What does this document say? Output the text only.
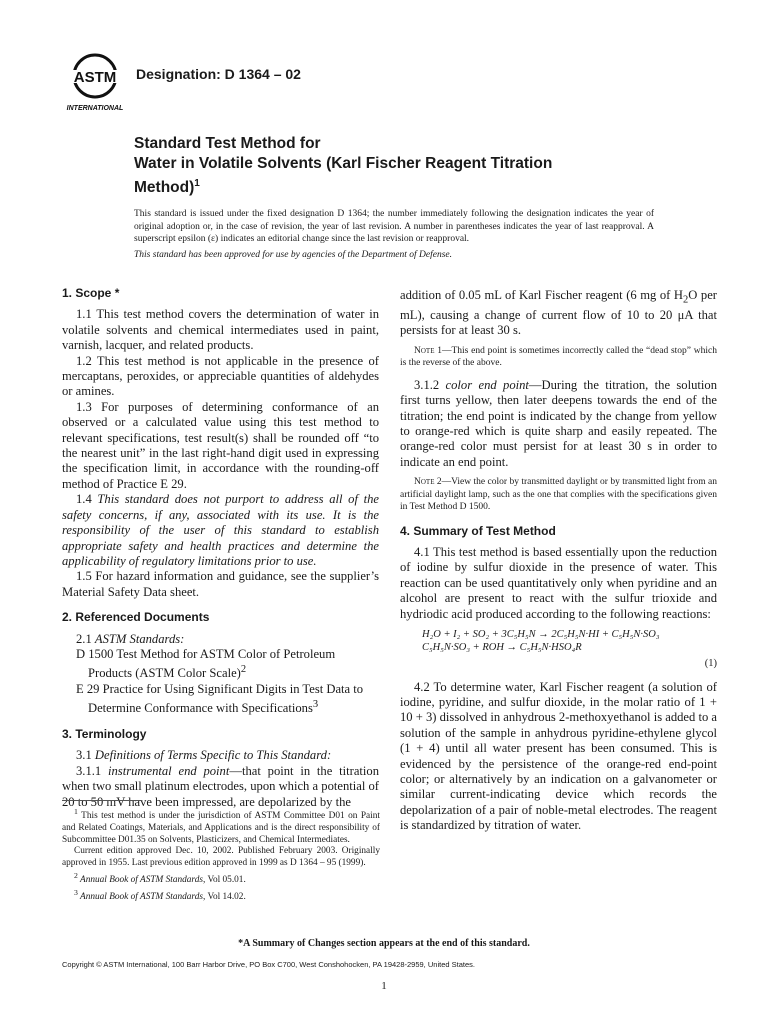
ASTM
INTERNATIONAL
Designation: D 1364 – 02
Standard Test Method for
Water in Volatile Solvents (Karl Fischer Reagent Titration
Method)$^1$
This standard is issued under the fixed designation D 1364; the number immediately following the designation indicates the year of original adoption or, in the case of revision, the year of last revision. A number in parentheses indicates the year of last reapproval. A superscript epsilon (ε) indicates an editorial change since the last revision or reapproval.
This standard has been approved for use by agencies of the Department of Defense.
1. Scope *

1.1 This test method covers the determination of water in volatile solvents and chemical intermediates used in paint, varnish, lacquer, and related products.

1.2 This test method is not applicable in the presence of mercaptans, peroxides, or appreciable quantities of aldehydes or amines.

1.3 For purposes of determining conformance of an observed or a calculated value using this test method to relevant specifications, test result(s) shall be rounded off “to the nearest unit” in the last right-hand digit used in expressing the specification limit, in accordance with the rounding-off method of Practice E 29.

1.4 This standard does not purport to address all of the safety concerns, if any, associated with its use. It is the responsibility of the user of this standard to establish appropriate safety and health practices and determine the applicability of regulatory limitations prior to use.

1.5 For hazard information and guidance, see the supplier’s Material Safety Data sheet.

2. Referenced Documents

2.1 ASTM Standards:

D 1500 Test Method for ASTM Color of Petroleum Products (ASTM Color Scale)$^2$

E 29 Practice for Using Significant Digits in Test Data to Determine Conformance with Specifications$^3$

3. Terminology

3.1 Definitions of Terms Specific to This Standard:

3.1.1 instrumental end point—that point in the titration when two small platinum electrodes, upon which a potential of 20 to 50 mV have been impressed, are depolarized by the

addition of 0.05 mL of Karl Fischer reagent (6 mg of $H_2O$ per mL), causing a change of current flow of 10 to 20 μA that persists for at least 30 s.

Note 1—This end point is sometimes incorrectly called the “dead stop” which is the reverse of the above.

3.1.2 color end point—During the titration, the solution first turns yellow, then later deepens towards the end of the titration; the end point is indicated by the change from yellow to orange-red which is quite sharp and easily repeated. The orange-red color must persist for at least 30 s in order to indicate an end point.

Note 2—View the color by transmitted daylight or by transmitted light from an artificial daylight lamp, such as the one that complies with the specifications given in Test Method D 1500.

4. Summary of Test Method

4.1 This test method is based essentially upon the reduction of iodine by sulfur dioxide in the presence of water. This reaction can be used quantitatively only when pyridine and an alcohol are present to react with the sulfur trioxide and hydriodic acid produced according to the following reactions:

H₂O + I₂ + SO₂ + 3C₅H₅N → 2C₅H₅N·HI + C₅H₅N·SO₃

C₅H₅N·SO₃ + ROH → C₅H₅N·HSO₄R

(1)

4.2 To determine water, Karl Fischer reagent (a solution of iodine, pyridine, and sulfur dioxide, in the molar ratio of 1 + 10 + 3) dissolved in anhydrous 2-methoxyethanol is added to a solution of the sample in anhydrous pyridine-ethylene glycol (1 + 4) until all water present has been consumed. This is evidenced by the persistence of the orange-red end-point color; or alternatively by an indication on a galvanometer or similar current-indicating device which records the depolarization of a pair of noble-metal electrodes. The reagent is standardized by titration of water.

$^1$ This test method is under the jurisdiction of ASTM Committee D01 on Paint and Related Coatings, Materials, and Applications and is the direct responsibility of Subcommittee D01.35 on Solvents, Plasticizers, and Chemical Intermediates.

Current edition approved Dec. 10, 2002. Published February 2003. Originally approved in 1955. Last previous edition approved in 1999 as D 1364 – 95 (1999).

$^2$ Annual Book of ASTM Standards, Vol 05.01.

$^3$ Annual Book of ASTM Standards, Vol 14.02.

*A Summary of Changes section appears at the end of this standard.
Copyright © ASTM International, 100 Barr Harbor Drive, PO Box C700, West Conshohocken, PA 19428-2959, United States.
1
